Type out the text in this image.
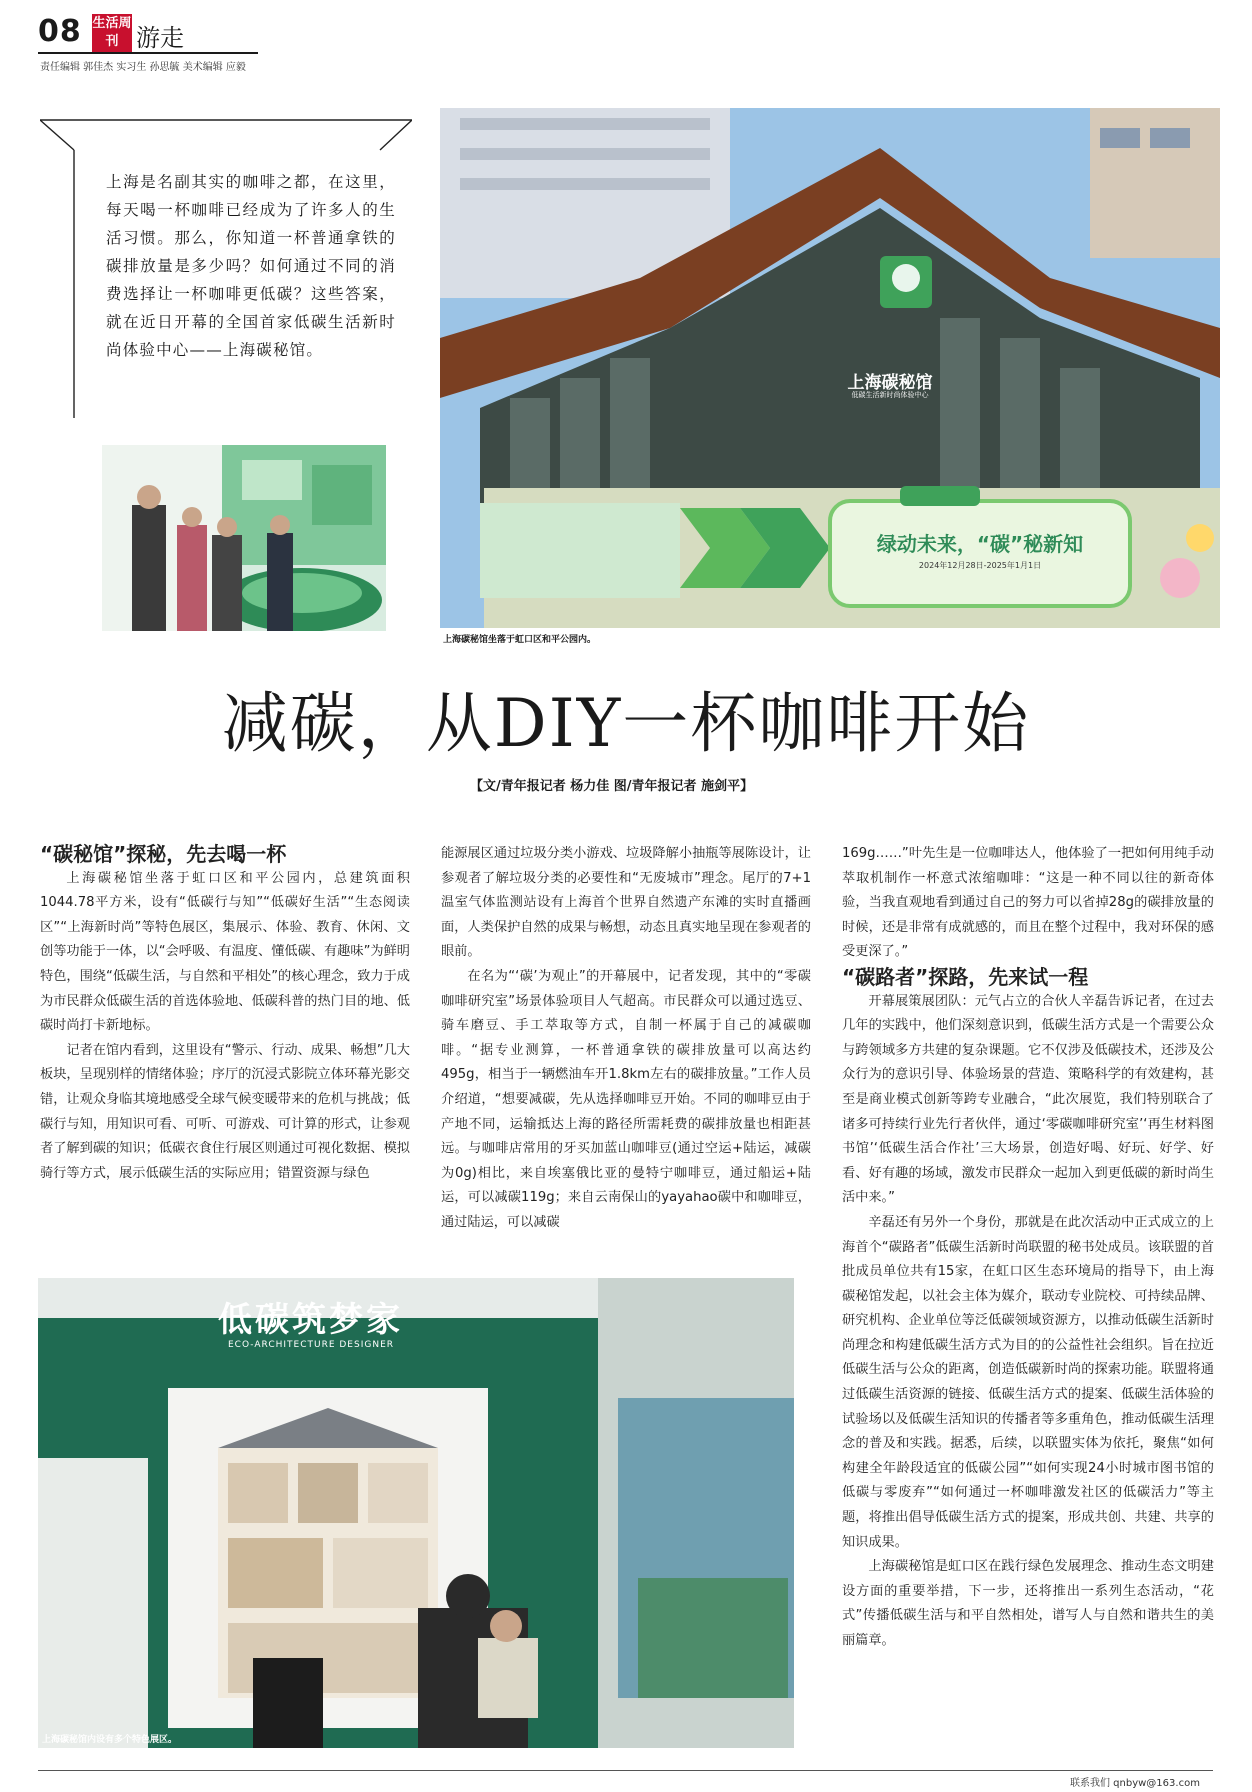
08 生活周刊 游走
责任编辑 郭佳杰 实习生 孙思毓 美术编辑 应毅
上海是名副其实的咖啡之都，在这里，每天喝一杯咖啡已经成为了许多人的生活习惯。那么，你知道一杯普通拿铁的碳排放量是多少吗？如何通过不同的消费选择让一杯咖啡更低碳？这些答案，就在近日开幕的全国首家低碳生活新时尚体验中心——上海碳秘馆。
上海碳秘馆
低碳生活新时尚体验中心
绿动未来，“碳”秘新知
2024年12月28日-2025年1月1日
上海碳秘馆坐落于虹口区和平公园内。
减碳，从DIY一杯咖啡开始
【文/青年报记者 杨力佳 图/青年报记者 施剑平】

“碳秘馆”探秘，先去喝一杯

上海碳秘馆坐落于虹口区和平公园内，总建筑面积1044.78平方米，设有“低碳行与知”“低碳好生活”“生态阅读区”“上海新时尚”等特色展区，集展示、体验、教育、休闲、文创等功能于一体，以“会呼吸、有温度、懂低碳、有趣味”为鲜明特色，围绕“低碳生活，与自然和平相处”的核心理念，致力于成为市民群众低碳生活的首选体验地、低碳科普的热门目的地、低碳时尚打卡新地标。

记者在馆内看到，这里设有“警示、行动、成果、畅想”几大板块，呈现别样的情绪体验；序厅的沉浸式影院立体环幕光影交错，让观众身临其境地感受全球气候变暖带来的危机与挑战；低碳行与知，用知识可看、可听、可游戏、可计算的形式，让参观者了解到碳的知识；低碳衣食住行展区则通过可视化数据、模拟骑行等方式，展示低碳生活的实际应用；错置资源与绿色

能源展区通过垃圾分类小游戏、垃圾降解小抽瓶等展陈设计，让参观者了解垃圾分类的必要性和“无废城市”理念。尾厅的7+1温室气体监测站设有上海首个世界自然遗产东滩的实时直播画面，人类保护自然的成果与畅想，动态且真实地呈现在参观者的眼前。

在名为“‘碳’为观止”的开幕展中，记者发现，其中的“零碳咖啡研究室”场景体验项目人气超高。市民群众可以通过选豆、骑车磨豆、手工萃取等方式，自制一杯属于自己的减碳咖啡。“据专业测算，一杯普通拿铁的碳排放量可以高达约495g，相当于一辆燃油车开1.8km左右的碳排放量。”工作人员介绍道，“想要减碳，先从选择咖啡豆开始。不同的咖啡豆由于产地不同，运输抵达上海的路径所需耗费的碳排放量也相距甚远。与咖啡店常用的牙买加蓝山咖啡豆(通过空运+陆运，减碳为0g)相比，来自埃塞俄比亚的曼特宁咖啡豆，通过船运+陆运，可以减碳119g；来自云南保山的yayahao碳中和咖啡豆，通过陆运，可以减碳

169g……”叶先生是一位咖啡达人，他体验了一把如何用纯手动萃取机制作一杯意式浓缩咖啡：“这是一种不同以往的新奇体验，当我直观地看到通过自己的努力可以省掉28g的碳排放量的时候，还是非常有成就感的，而且在整个过程中，我对环保的感受更深了。”

“碳路者”探路，先来试一程

开幕展策展团队：元气占立的合伙人辛磊告诉记者，在过去几年的实践中，他们深刻意识到，低碳生活方式是一个需要公众与跨领域多方共建的复杂课题。它不仅涉及低碳技术，还涉及公众行为的意识引导、体验场景的营造、策略科学的有效建构，甚至是商业模式创新等跨专业融合，“此次展览，我们特别联合了诸多可持续行业先行者伙伴，通过‘零碳咖啡研究室’‘再生材料图书馆’‘低碳生活合作社’三大场景，创造好喝、好玩、好学、好看、好有趣的场域，激发市民群众一起加入到更低碳的新时尚生活中来。”

辛磊还有另外一个身份，那就是在此次活动中正式成立的上海首个“碳路者”低碳生活新时尚联盟的秘书处成员。该联盟的首批成员单位共有15家，在虹口区生态环境局的指导下，由上海碳秘馆发起，以社会主体为媒介，联动专业院校、可持续品牌、研究机构、企业单位等泛低碳领域资源方，以推动低碳生活新时尚理念和构建低碳生活方式为目的的公益性社会组织。旨在拉近低碳生活与公众的距离，创造低碳新时尚的探索功能。联盟将通过低碳生活资源的链接、低碳生活方式的提案、低碳生活体验的试验场以及低碳生活知识的传播者等多重角色，推动低碳生活理念的普及和实践。据悉，后续，以联盟实体为依托，聚焦“如何构建全年龄段适宜的低碳公园”“如何实现24小时城市图书馆的低碳与零废弃”“如何通过一杯咖啡激发社区的低碳活力”等主题，将推出倡导低碳生活方式的提案，形成共创、共建、共享的知识成果。

上海碳秘馆是虹口区在践行绿色发展理念、推动生态文明建设方面的重要举措，下一步，还将推出一系列生态活动，“花式”传播低碳生活与和平自然相处，谱写人与自然和谐共生的美丽篇章。

低碳筑梦家
ECO-ARCHITECTURE DESIGNER
上海碳秘馆内设有多个特色展区。
联系我们 qnbyw@163.com
